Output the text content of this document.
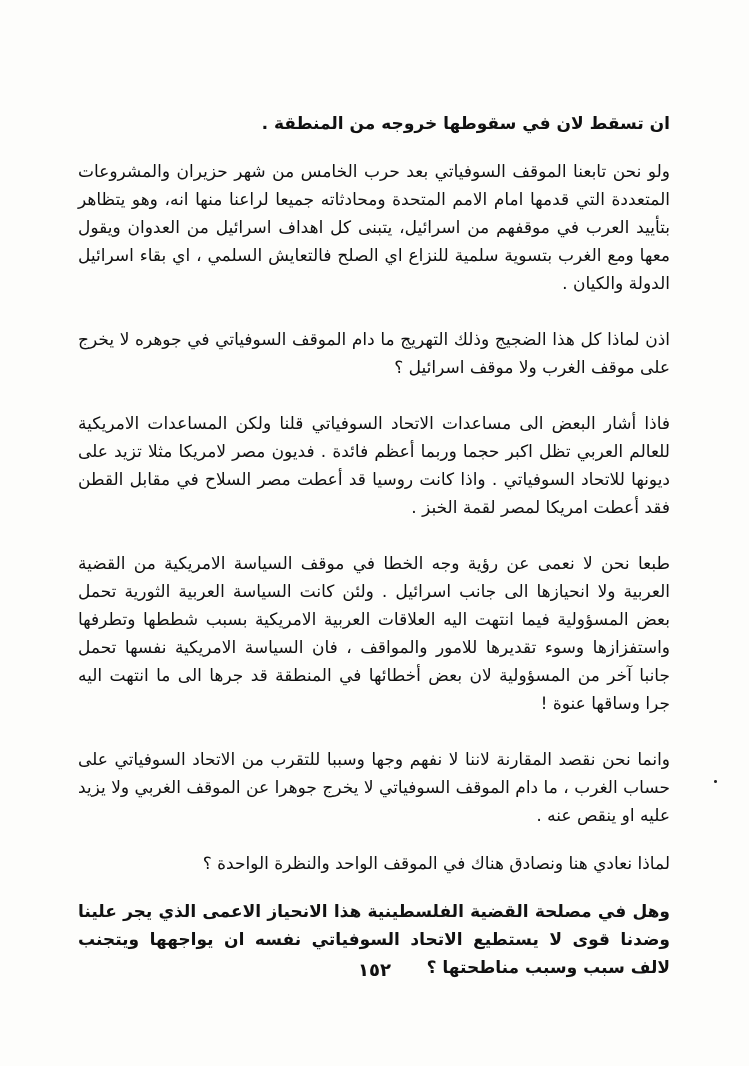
ان تسقط لان في سقوطها خروجه من المنطقة .

ولو نحن تابعنا الموقف السوفياتي بعد حرب الخامس من شهر حزيران والمشروعات المتعددة التي قدمها امام الامم المتحدة ومحادثاته جميعا لراعنا منها انه، وهو يتظاهر بتأييد العرب في موقفهم من اسرائيل، يتبنى كل اهداف اسرائيل من العدوان ويقول معها ومع الغرب بتسوية سلمية للنزاع اي الصلح فالتعايش السلمي ، اي بقاء اسرائيل الدولة والكيان .

اذن لماذا كل هذا الضجيج وذلك التهريج ما دام الموقف السوفياتي في جوهره لا يخرج على موقف الغرب ولا موقف اسرائيل ؟

فاذا أشار البعض الى مساعدات الاتحاد السوفياتي قلنا ولكن المساعدات الامريكية للعالم العربي تظل اكبر حجما وربما أعظم فائدة . فديون مصر لامريكا مثلا تزيد على ديونها للاتحاد السوفياتي . واذا كانت روسيا قد أعطت مصر السلاح في مقابل القطن فقد أعطت امريكا لمصر لقمة الخبز .

طبعا نحن لا نعمى عن رؤية وجه الخطا في موقف السياسة الامريكية من القضية العربية ولا انحيازها الى جانب اسرائيل . ولئن كانت السياسة العربية الثورية تحمل بعض المسؤولية فيما انتهت اليه العلاقات العربية الامريكية بسبب شططها وتطرفها واستفزازها وسوء تقديرها للامور والمواقف ، فان السياسة الامريكية نفسها تحمل جانبا آخر من المسؤولية لان بعض أخطائها في المنطقة قد جرها الى ما انتهت اليه جرا وساقها عنوة !

وانما نحن نقصد المقارنة لاننا لا نفهم وجها وسببا للتقرب من الاتحاد السوفياتي على حساب الغرب ، ما دام الموقف السوفياتي لا يخرج جوهرا عن الموقف الغربي ولا يزيد عليه او ينقص عنه .

لماذا نعادي هنا ونصادق هناك في الموقف الواحد والنظرة الواحدة ؟

وهل في مصلحة القضية الفلسطينية هذا الانحياز الاعمى الذي يجر علينا وضدنا قوى لا يستطيع الاتحاد السوفياتي نفسه ان يواجهها ويتجنب لالف سبب وسبب مناطحتها ؟

١٥٢
